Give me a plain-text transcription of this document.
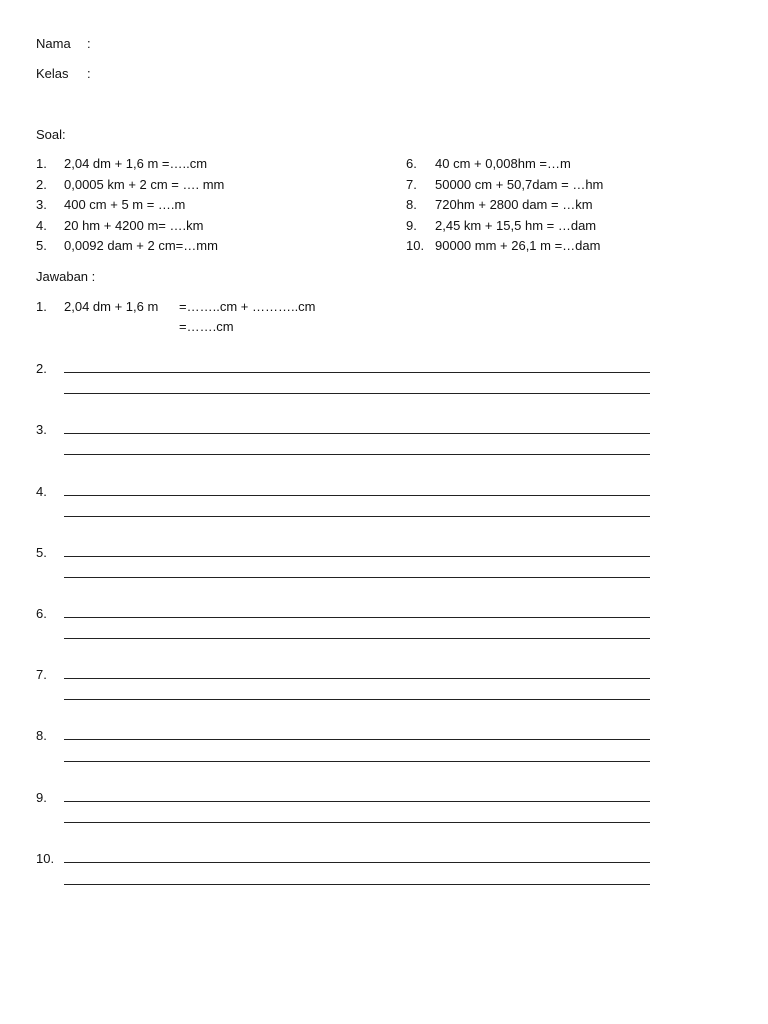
Nama :
Kelas :
Soal:
1. 2,04 dm + 1,6 m =…..cm
2. 0,0005 km + 2 cm = …. mm
3. 400 cm + 5 m = ….m
4. 20 hm + 4200 m= ….km
5. 0,0092 dam + 2 cm=…mm
6. 40 cm + 0,008hm =…m
7. 50000 cm + 50,7dam = …hm
8. 720hm + 2800 dam = …km
9. 2,45 km + 15,5 hm = …dam
10. 90000 mm + 26,1 m =…dam
Jawaban :
1. 2,04 dm + 1,6 m =……..cm + ………..cm
=…….cm
2.
3.
4.
5.
6.
7.
8.
9.
10.
